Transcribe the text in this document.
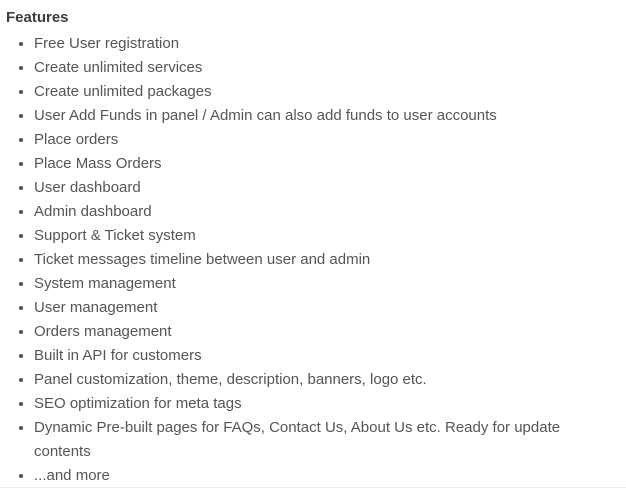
Features
• Free User registration
• Create unlimited services
• Create unlimited packages
• User Add Funds in panel / Admin can also add funds to user accounts
• Place orders
• Place Mass Orders
• User dashboard
• Admin dashboard
• Support & Ticket system
• Ticket messages timeline between user and admin
• System management
• User management
• Orders management
• Built in API for customers
• Panel customization, theme, description, banners, logo etc.
• SEO optimization for meta tags
• Dynamic Pre-built pages for FAQs, Contact Us, About Us etc. Ready for update contents
• ...and more
